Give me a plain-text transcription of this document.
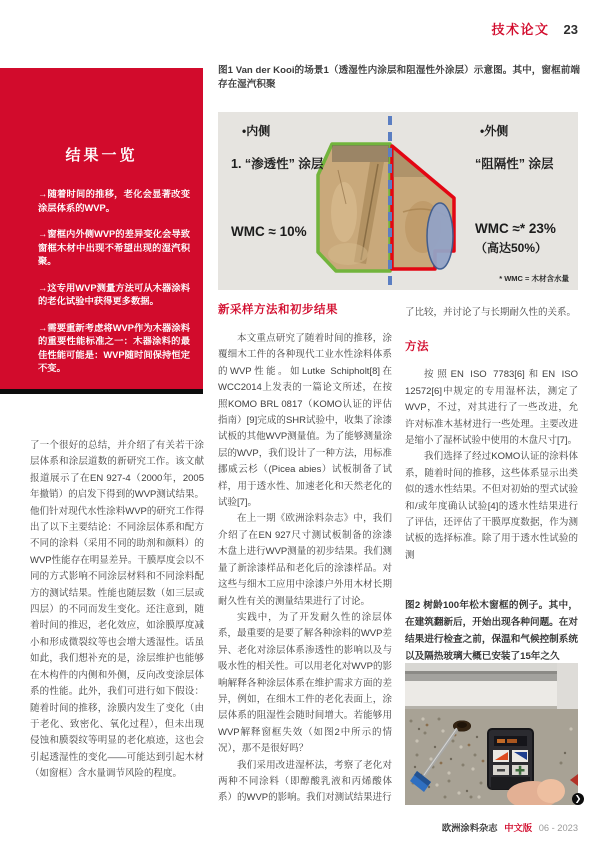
技术论文 23

结果一览

→随着时间的推移，老化会显著改变涂层体系的WVP。

→窗框内外侧WVP的差异变化会导致窗框木材中出现不希望出现的湿汽积聚。

→这专用WVP测量方法可从木器涂料的老化试验中获得更多数据。

→需要重新考虑将WVP作为木器涂料的重要性能标准之一：木器涂料的最佳性能可能是：WVP随时间保持恒定不变。

图1 Van der Kooi的场景1（透湿性内涂层和阻湿性外涂层）示意图。其中，窗框前端存在湿汽积聚
•内侧
1. “渗透性” 涂层
WMC ≈ 10%
•外侧
“阻隔性” 涂层
WMC ≈* 23%
（高达50%）
* WMC = 木材含水量

了一个很好的总结，并介绍了有关若干涂层体系和涂层道数的新研究工作。该文献报道展示了在EN 927-4（2000年，2005年撤销）的启发下得到的WVP测试结果。他们针对现代水性涂料WVP的研究工作得出了以下主要结论：不同涂层体系和配方不同的涂料（采用不同的助剂和颜料）的WVP性能存在明显差异。干膜厚度会以不同的方式影响不同涂层材料和不同涂料配方的测试结果。性能也随层数（如三层或四层）的不同而发生变化。还注意到，随着时间的推迟，老化效应，如涂膜厚度减小和形成微裂纹等也会增大透湿性。话虽如此，我们想补充的是，涂层维护也能够在木构件的内侧和外侧，反向改变涂层体系的性能。此外，我们可进行如下假设：随着时间的推移，涂膜内发生了变化（由于老化、致密化、氧化过程），但未出现侵蚀和膜裂纹等明显的老化痕迹，这也会引起透湿性的变化——可能达到引起木材（如窗框）含水量调节风险的程度。

新采样方法和初步结果

本文重点研究了随着时间的推移，涂覆细木工件的各种现代工业水性涂料体系的WVP性能。如Lutke Schipholt[8]在WCC2014上发表的一篇论文所述，在按照KOMO BRL 0817（KOMO认证的评估指南）[9]完成的SHR试验中，收集了涂漆试板的其他WVP测量值。为了能够测量涂层的WVP，我们设计了一种方法，用标准挪威云杉（(Picea abies）试板制备了试样，用于透水性、加速老化和天然老化的试验[7]。

在上一期《欧洲涂料杂志》中，我们介绍了在EN 927尺寸测试板制备的涂漆木盘上进行WVP测量的初步结果。我们测量了新涂漆样品和老化后的涂漆样品。对这些与细木工应用中涂漆户外用木材长期耐久性有关的测量结果进行了讨论。

实践中，为了开发耐久性的涂层体系，最重要的是要了解各种涂料的WVP差异、老化对涂层体系渗透性的影响以及与吸水性的相关性。可以用老化对WVP的影响解释各种涂层体系在维护需求方面的差异，例如，在细木工件的老化表面上，涂层体系的阻湿性会随时间增大。若能够用WVP解释窗框失效（如图2中所示的情况），那不是很好吗？

我们采用改进湿杯法，考察了老化对两种不同涂料（即醇酸乳液和丙烯酸体系）的WVP的影响。我们对测试结果进行

了比较，并讨论了与长期耐久性的关系。

方法

按照EN ISO 7783[6]和EN ISO 12572[6]中规定的专用湿杯法，测定了WVP，不过，对其进行了一些改进，允许对标准木基材进行一些处理。主要改进是缩小了湿杯试验中使用的木盘尺寸[7]。

我们选择了经过KOMO认证的涂料体系，随着时间的推移，这些体系显示出类似的透水性结果。不但对初始的型式试验和/或年度确认试验[4]的透水性结果进行了评估，还评估了干膜厚度数据，作为测试板的选择标准。除了用于透水性试验的测

图2 树龄100年松木窗框的例子。其中，在建筑翻新后，开始出现各种问题。在对结果进行检查之前，保温和气候控制系统以及隔热玻璃大概已安装了15年之久
❯
欧洲涂料杂志 中文版 06 - 2023
